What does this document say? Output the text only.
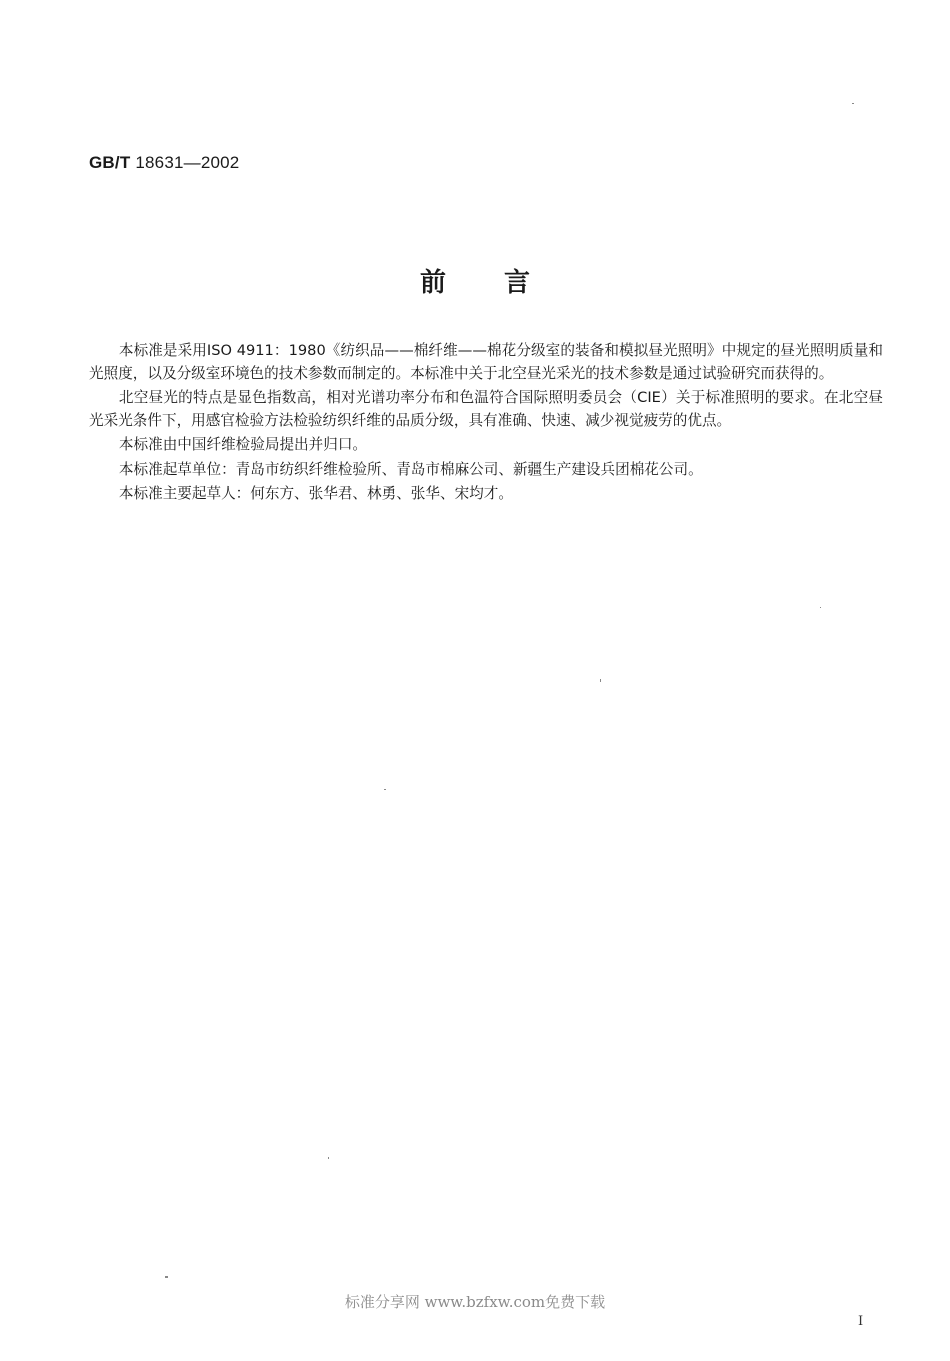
GB/T 18631—2002
前言

本标准是采用ISO 4911：1980《纺织品——棉纤维——棉花分级室的装备和模拟昼光照明》中规定的昼光照明质量和光照度，以及分级室环境色的技术参数而制定的。本标准中关于北空昼光采光的技术参数是通过试验研究而获得的。

北空昼光的特点是显色指数高，相对光谱功率分布和色温符合国际照明委员会（CIE）关于标准照明的要求。在北空昼光采光条件下，用感官检验方法检验纺织纤维的品质分级，具有准确、快速、减少视觉疲劳的优点。

本标准由中国纤维检验局提出并归口。

本标准起草单位：青岛市纺织纤维检验所、青岛市棉麻公司、新疆生产建设兵团棉花公司。

本标准主要起草人：何东方、张华君、林勇、张华、宋均才。

标准分享网 www.bzfxw.com免费下载
I
